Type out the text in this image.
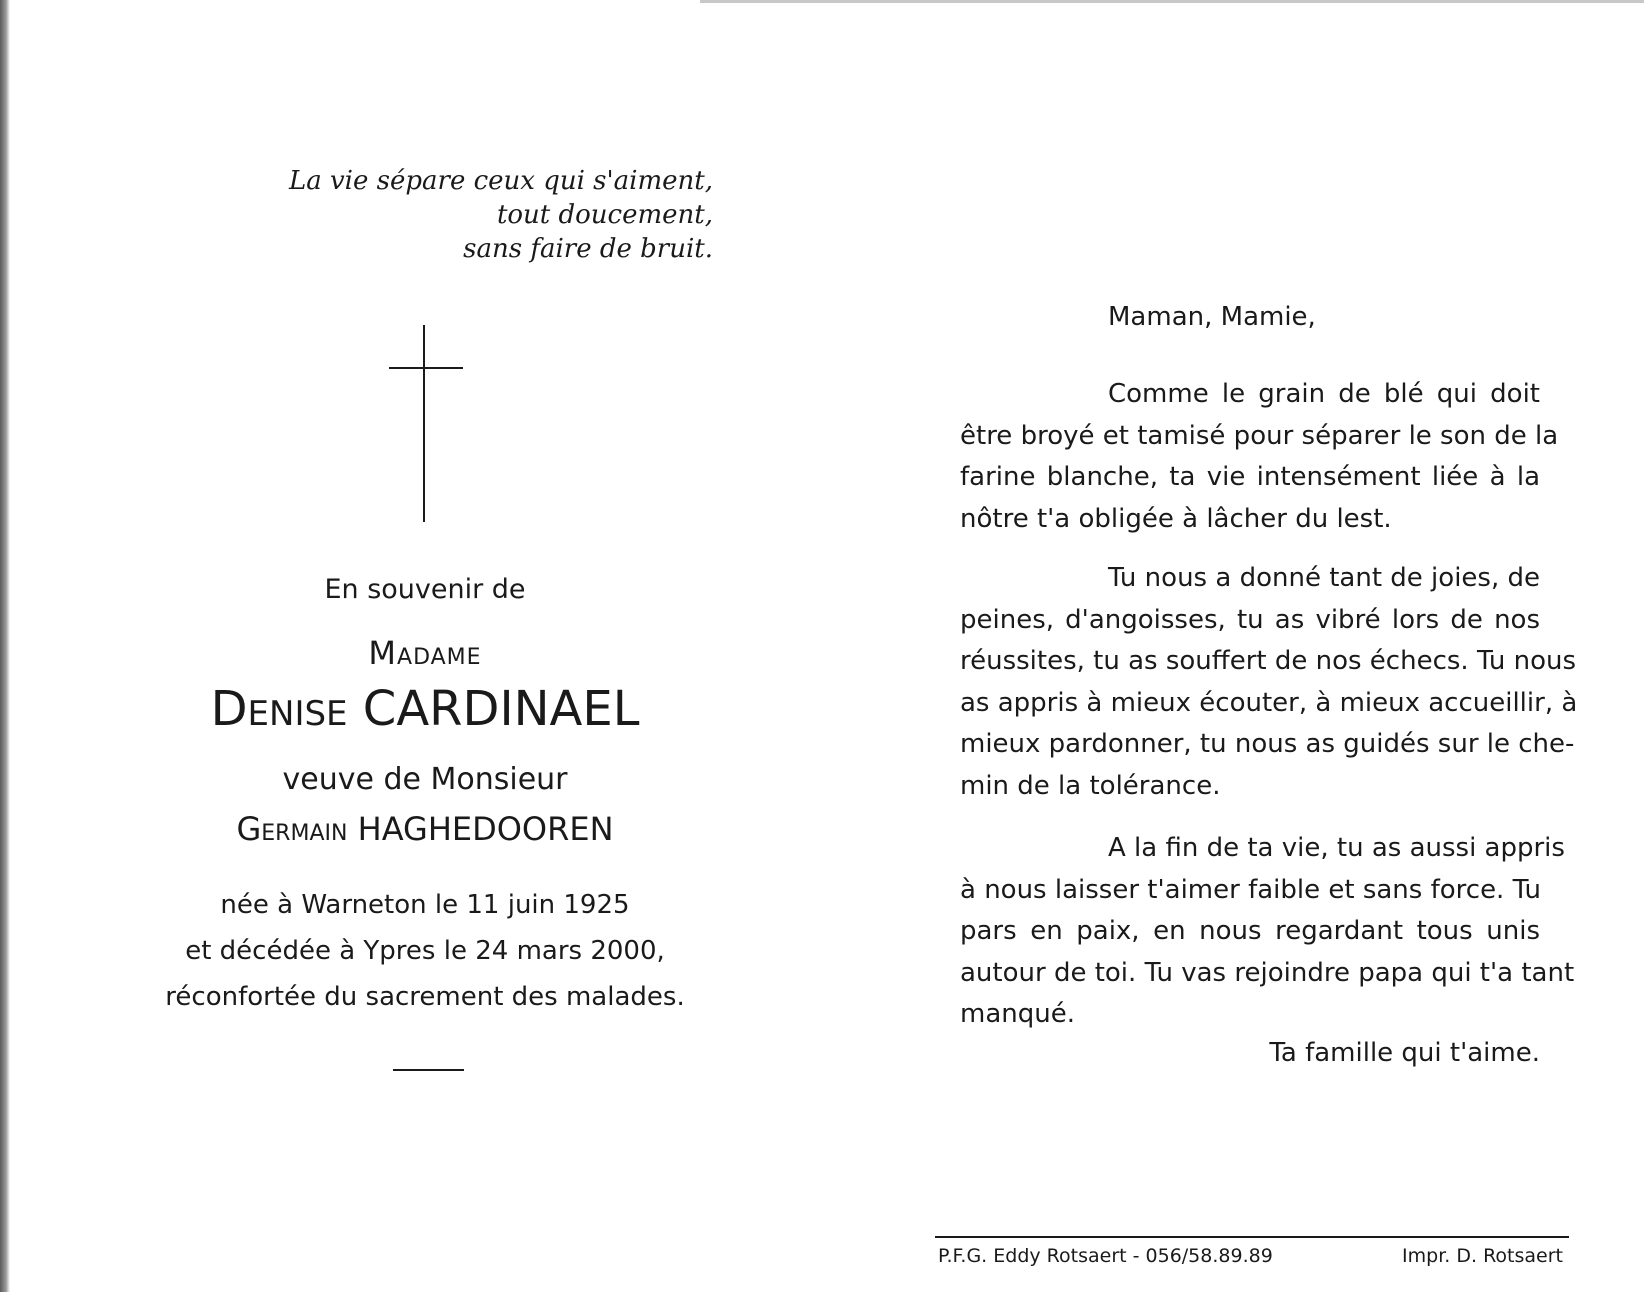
La vie sépare ceux qui s'aiment,
tout doucement,
sans faire de bruit.
En souvenir de
Madame
Denise CARDINAEL
veuve de Monsieur
Germain HAGHEDOOREN
née à Warneton le 11 juin 1925
et décédée à Ypres le 24 mars 2000,
réconfortée du sacrement des malades.
Maman, Mamie,
Comme le grain de blé qui doit
être broyé et tamisé pour séparer le son de la
farine blanche, ta vie intensément liée à la
nôtre t'a obligée à lâcher du lest.
Tu nous a donné tant de joies, de
peines, d'angoisses, tu as vibré lors de nos
réussites, tu as souffert de nos échecs. Tu nous
as appris à mieux écouter, à mieux accueillir, à
mieux pardonner, tu nous as guidés sur le che-
min de la tolérance.
A la fin de ta vie, tu as aussi appris
à nous laisser t'aimer faible et sans force. Tu
pars en paix, en nous regardant tous unis
autour de toi. Tu vas rejoindre papa qui t'a tant
manqué.
Ta famille qui t'aime.
P.F.G. Eddy Rotsaert - 056/58.89.89	Impr. D. Rotsaert
